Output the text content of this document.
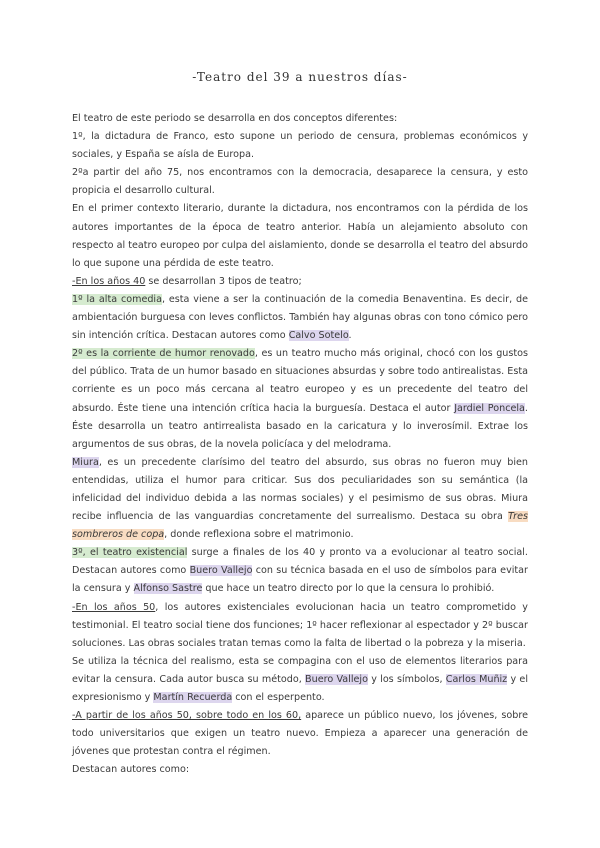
-Teatro del 39 a nuestros días-

El teatro de este periodo se desarrolla en dos conceptos diferentes:

1º, la dictadura de Franco, esto supone un periodo de censura, problemas económicos y sociales, y España se aísla de Europa.

2ºa partir del año 75, nos encontramos con la democracia, desaparece la censura, y esto propicia el desarrollo cultural.

En el primer contexto literario, durante la dictadura, nos encontramos con la pérdida de los autores importantes de la época de teatro anterior. Había un alejamiento absoluto con respecto al teatro europeo por culpa del aislamiento, donde se desarrolla el teatro del absurdo lo que supone una pérdida de este teatro.

-En los años 40 se desarrollan 3 tipos de teatro;

1º la alta comedia, esta viene a ser la continuación de la comedia Benaventina. Es decir, de ambientación burguesa con leves conflictos. También hay algunas obras con tono cómico pero sin intención crítica. Destacan autores como Calvo Sotelo.

2º es la corriente de humor renovado, es un teatro mucho más original, chocó con los gustos del público. Trata de un humor basado en situaciones absurdas y sobre todo antirealistas. Esta corriente es un poco más cercana al teatro europeo y es un precedente del teatro del absurdo. Éste tiene una intención crítica hacia la burguesía. Destaca el autor Jardiel Poncela. Éste desarrolla un teatro antirrealista basado en la caricatura y lo inverosímil. Extrae los argumentos de sus obras, de la novela policíaca y del melodrama.

Miura, es un precedente clarísimo del teatro del absurdo, sus obras no fueron muy bien entendidas, utiliza el humor para criticar. Sus dos peculiaridades son su semántica (la infelicidad del individuo debida a las normas sociales) y el pesimismo de sus obras. Miura recibe influencia de las vanguardias concretamente del surrealismo. Destaca su obra Tres sombreros de copa, donde reflexiona sobre el matrimonio.

3º, el teatro existencial surge a finales de los 40 y pronto va a evolucionar al teatro social. Destacan autores como Buero Vallejo con su técnica basada en el uso de símbolos para evitar la censura y Alfonso Sastre que hace un teatro directo por lo que la censura lo prohibió.

-En los años 50, los autores existenciales evolucionan hacia un teatro comprometido y testimonial. El teatro social tiene dos funciones; 1º hacer reflexionar al espectador y 2º buscar soluciones. Las obras sociales tratan temas como la falta de libertad o la pobreza y la miseria.

Se utiliza la técnica del realismo, esta se compagina con el uso de elementos literarios para evitar la censura. Cada autor busca su método, Buero Vallejo y los símbolos, Carlos Muñiz y el expresionismo y Martín Recuerda con el esperpento.

-A partir de los años 50, sobre todo en los 60, aparece un público nuevo, los jóvenes, sobre todo universitarios que exigen un teatro nuevo. Empieza a aparecer una generación de jóvenes que protestan contra el régimen.

Destacan autores como:
